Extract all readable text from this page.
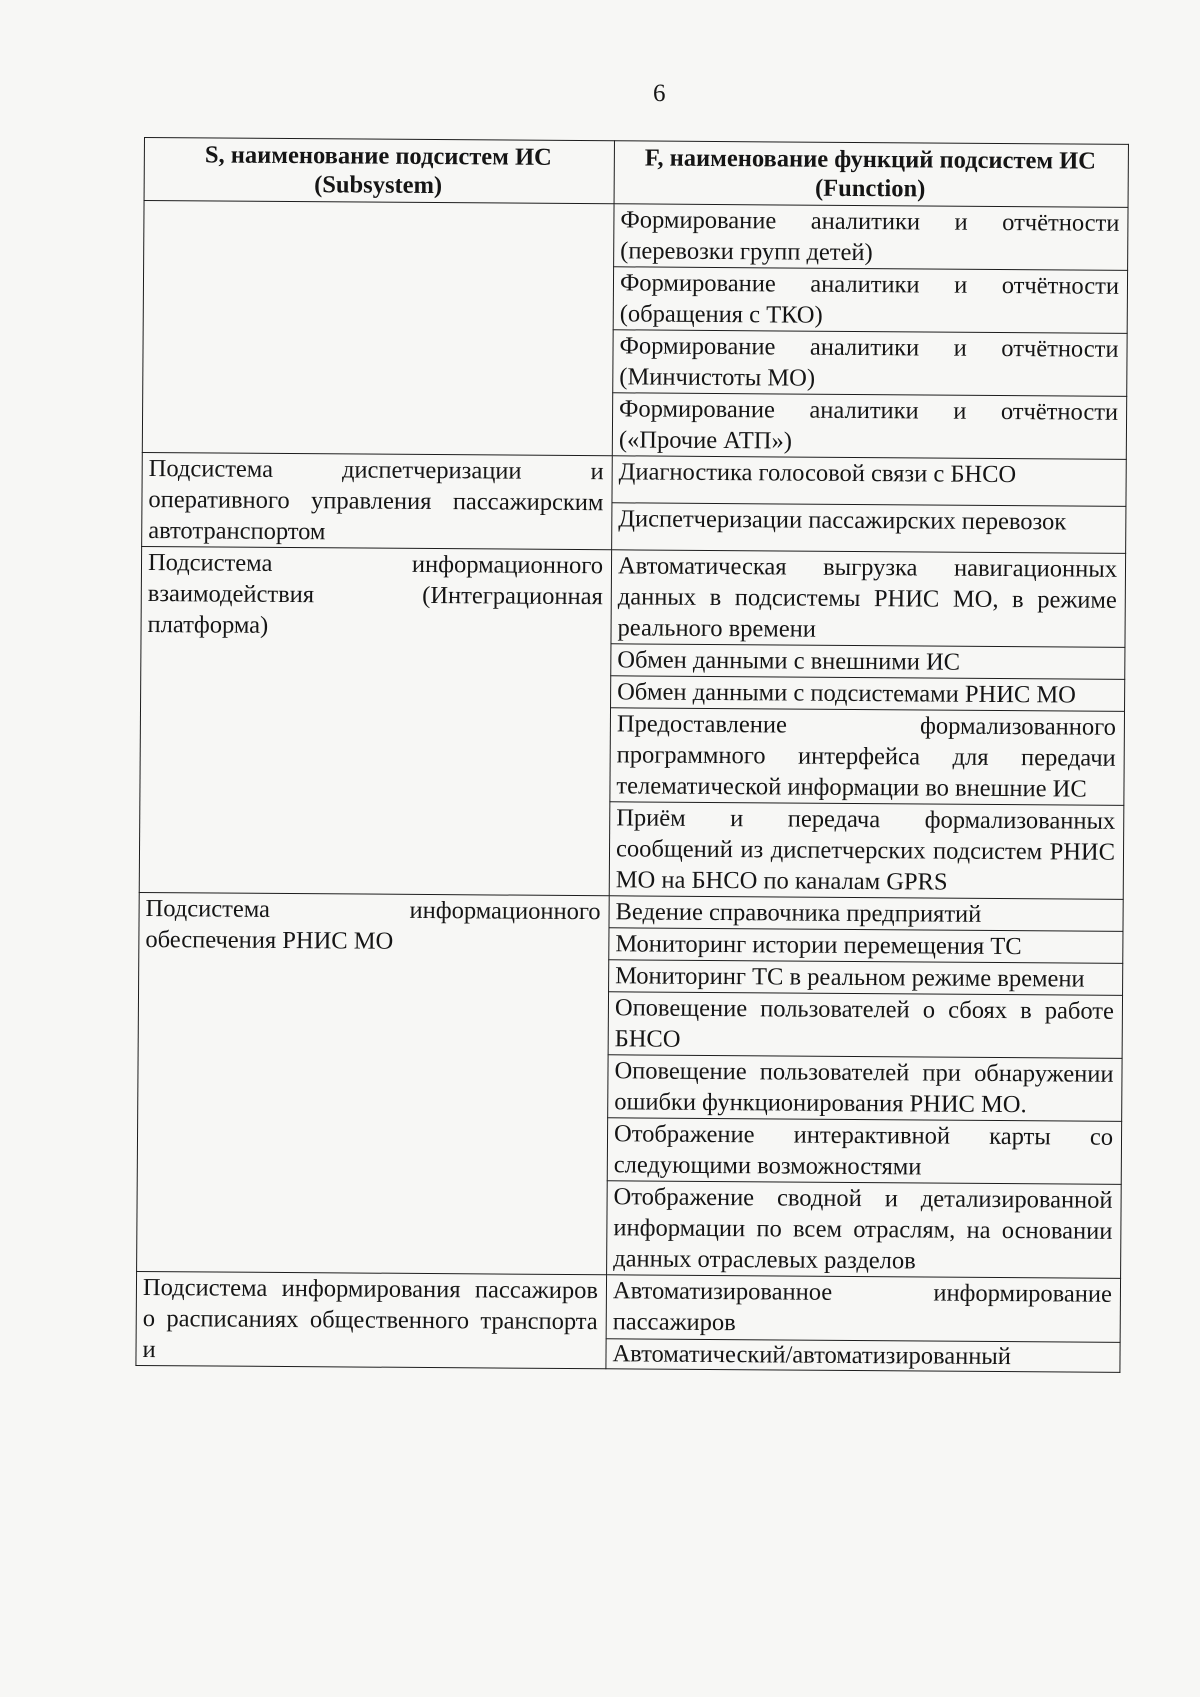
6
S, наименование подсистем ИС (Subsystem)	F, наименование функций подсистем ИС (Function)

	Формирование аналитики и отчётности (перевозки групп детей)

	Формирование аналитики и отчётности (обращения с ТКО)

	Формирование аналитики и отчётности (Минчистоты МО)

	Формирование аналитики и отчётности («Прочие АТП»)

Подсистема диспетчеризации и оперативного управления пассажирским автотранспортом	Диагностика голосовой связи с БНСО

	Диспетчеризации пассажирских перевозок

Подсистема информационного взаимодействия (Интеграционная платформа)	Автоматическая выгрузка навигационных данных в подсистемы РНИС МО, в режиме реального времени

	Обмен данными с внешними ИС

	Обмен данными с подсистемами РНИС МО

	Предоставление формализованного программного интерфейса для передачи телематической информации во внешние ИС

	Приём и передача формализованных сообщений из диспетчерских подсистем РНИС МО на БНСО по каналам GPRS

Подсистема информационного обеспечения РНИС МО	Ведение справочника предприятий

	Мониторинг истории перемещения ТС

	Мониторинг ТС в реальном режиме времени

	Оповещение пользователей о сбоях в работе БНСО

	Оповещение пользователей при обнаружении ошибки функционирования РНИС МО.

	Отображение интерактивной карты со следующими возможностями

	Отображение сводной и детализированной информации по всем отраслям, на основании данных отраслевых разделов

Подсистема информирования пассажиров о расписаниях общественного транспорта и	Автоматизированное информирование пассажиров

	Автоматический/автоматизированный
